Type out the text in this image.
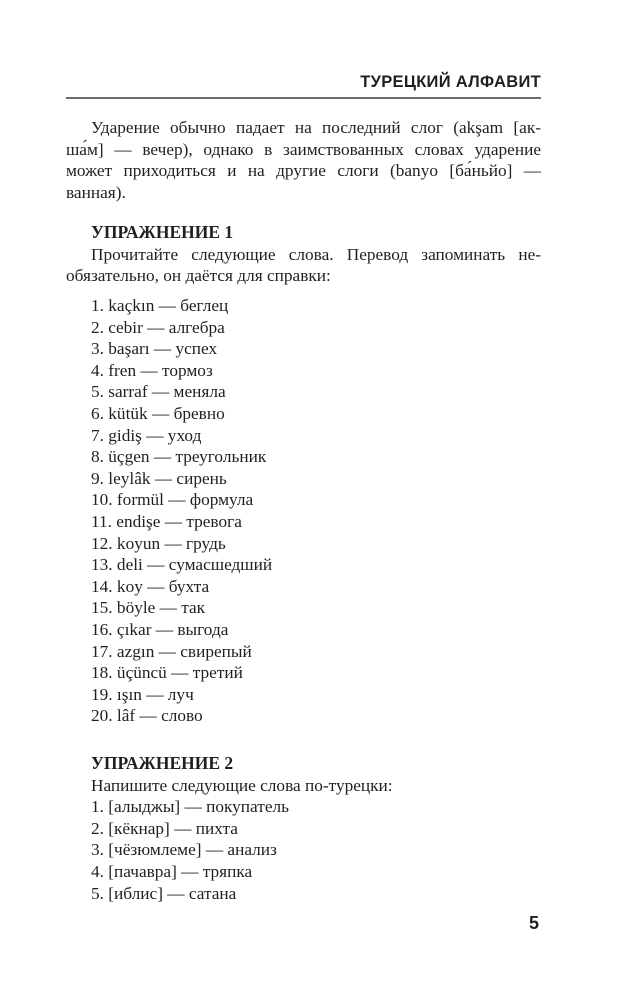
ТУРЕЦКИЙ АЛФАВИТ
Ударение обычно падает на последний слог (akşam [ак-
ша́м] — вечер), однако в заимствованных словах ударение
может приходиться и на другие слоги (banyo [ба́ньйо] —
ванная).
УПРАЖНЕНИЕ 1
Прочитайте следующие слова. Перевод запоминать не-
обязательно, он даётся для справки:
1. kaçkın — беглец
2. cebir — алгебра
3. başarı — успех
4. fren — тормоз
5. sarraf — меняла
6. kütük — бревно
7. gidiş — уход
8. üçgen — треугольник
9. leylâk — сирень
10. formül — формула
11. endişe — тревога
12. koyun — грудь
13. deli — сумасшедший
14. koy — бухта
15. böyle — так
16. çıkar — выгода
17. azgın — свирепый
18. üçüncü — третий
19. ışın — луч
20. lâf — слово
УПРАЖНЕНИЕ 2
Напишите следующие слова по-турецки:
1. [алыджы] — покупатель
2. [кёкнар] — пихта
3. [чёзюмлеме] — анализ
4. [пачавра] — тряпка
5. [иблис] — сатана
5
